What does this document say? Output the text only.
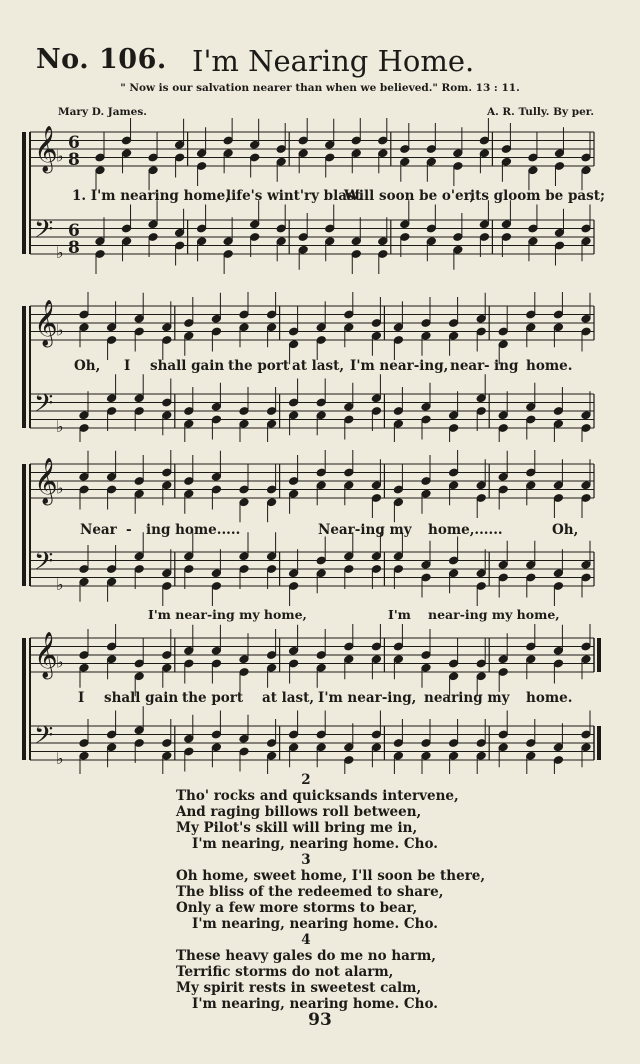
No. 106. I'm Nearing Home.
" Now is our salvation nearer than when we believed." Rom. 13 : 11.
Mary D. James.	A. R. Tully. By per.
𝄞
𝄢
♭
♭
6
8
6
8
1. I'm nearing home,
life's wint'ry blast
Will soon be o'er,
its gloom be past;
𝄞
𝄢
♭
♭
Oh, I shall gain the port at last, I'm near-ing, near - ing home.
𝄞
𝄢
♭
♭
Near - ing home.....	Near-ing my home,......	Oh,
I'm near-ing my home,	I'm near-ing my home,
𝄞
𝄢
♭
♭
I shall gain the port at last, I'm near-ing, nearing my home.

2

Tho' rocks and quicksands intervene,

And raging billows roll between,

My Pilot's skill will bring me in,

I'm nearing, nearing home. Cho.

3

Oh home, sweet home, I'll soon be there,

The bliss of the redeemed to share,

Only a few more storms to bear,

I'm nearing, nearing home. Cho.

4

These heavy gales do me no harm,

Terrific storms do not alarm,

My spirit rests in sweetest calm,

I'm nearing, nearing home. Cho.

93
